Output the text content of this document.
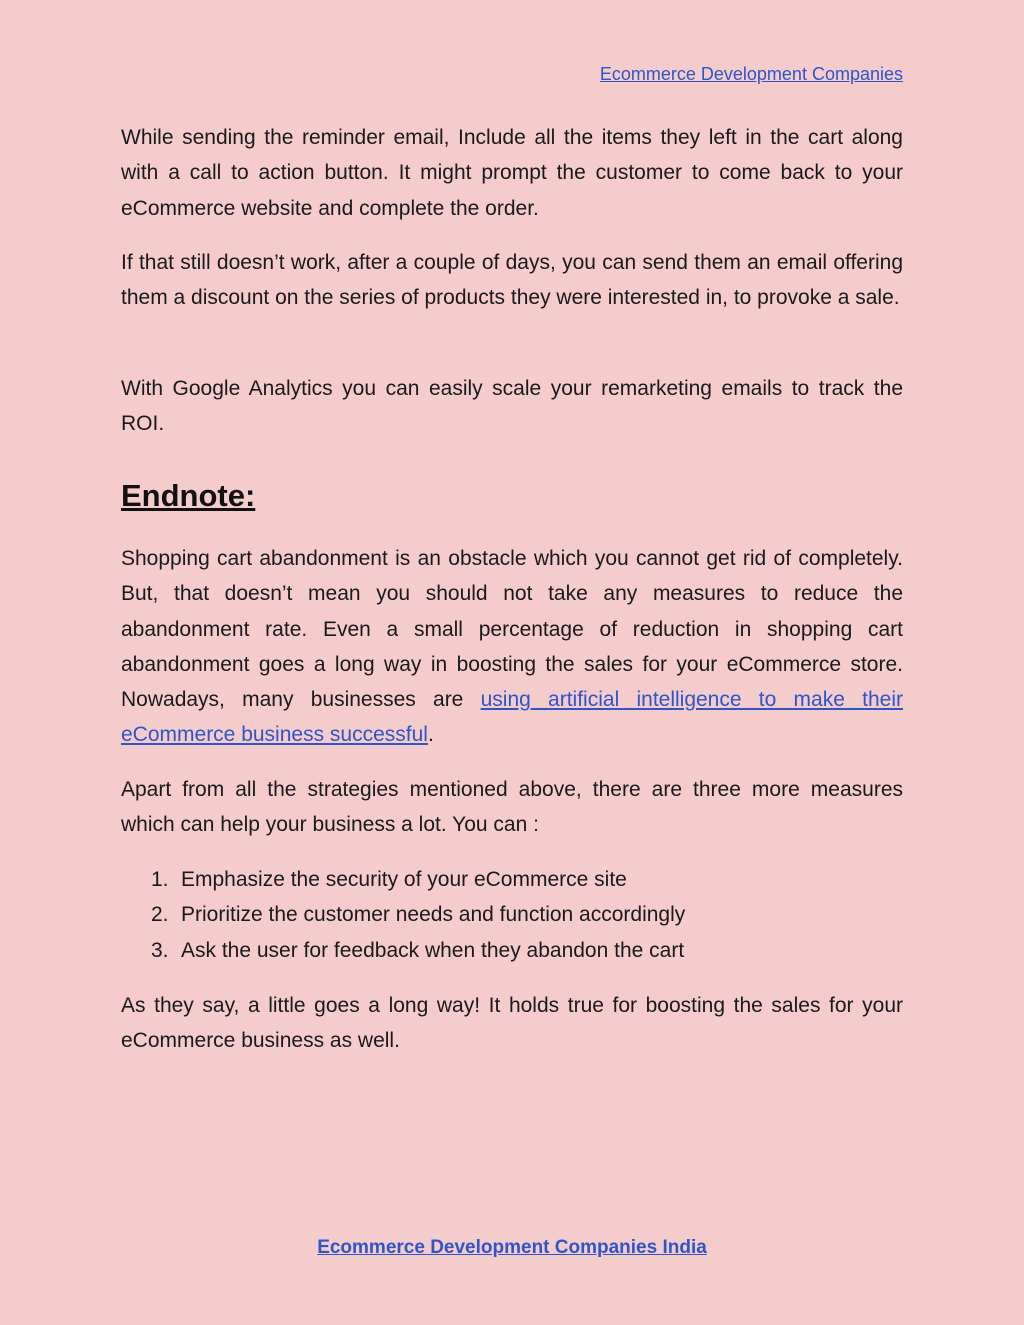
Ecommerce Development Companies

While sending the reminder email, Include all the items they left in the cart along with a call to action button. It might prompt the customer to come back to your eCommerce website and complete the order.

If that still doesn’t work, after a couple of days, you can send them an email offering them a discount on the series of products they were interested in, to provoke a sale.

With Google Analytics you can easily scale your remarketing emails to track the ROI.

Endnote:

Shopping cart abandonment is an obstacle which you cannot get rid of completely. But, that doesn’t mean you should not take any measures to reduce the abandonment rate. Even a small percentage of reduction in shopping cart abandonment goes a long way in boosting the sales for your eCommerce store. Nowadays, many businesses are using artificial intelligence to make their eCommerce business successful.

Apart from all the strategies mentioned above, there are three more measures which can help your business a lot. You can :

1. Emphasize the security of your eCommerce site
2. Prioritize the customer needs and function accordingly
3. Ask the user for feedback when they abandon the cart

As they say, a little goes a long way! It holds true for boosting the sales for your eCommerce business as well.

Ecommerce Development Companies India
